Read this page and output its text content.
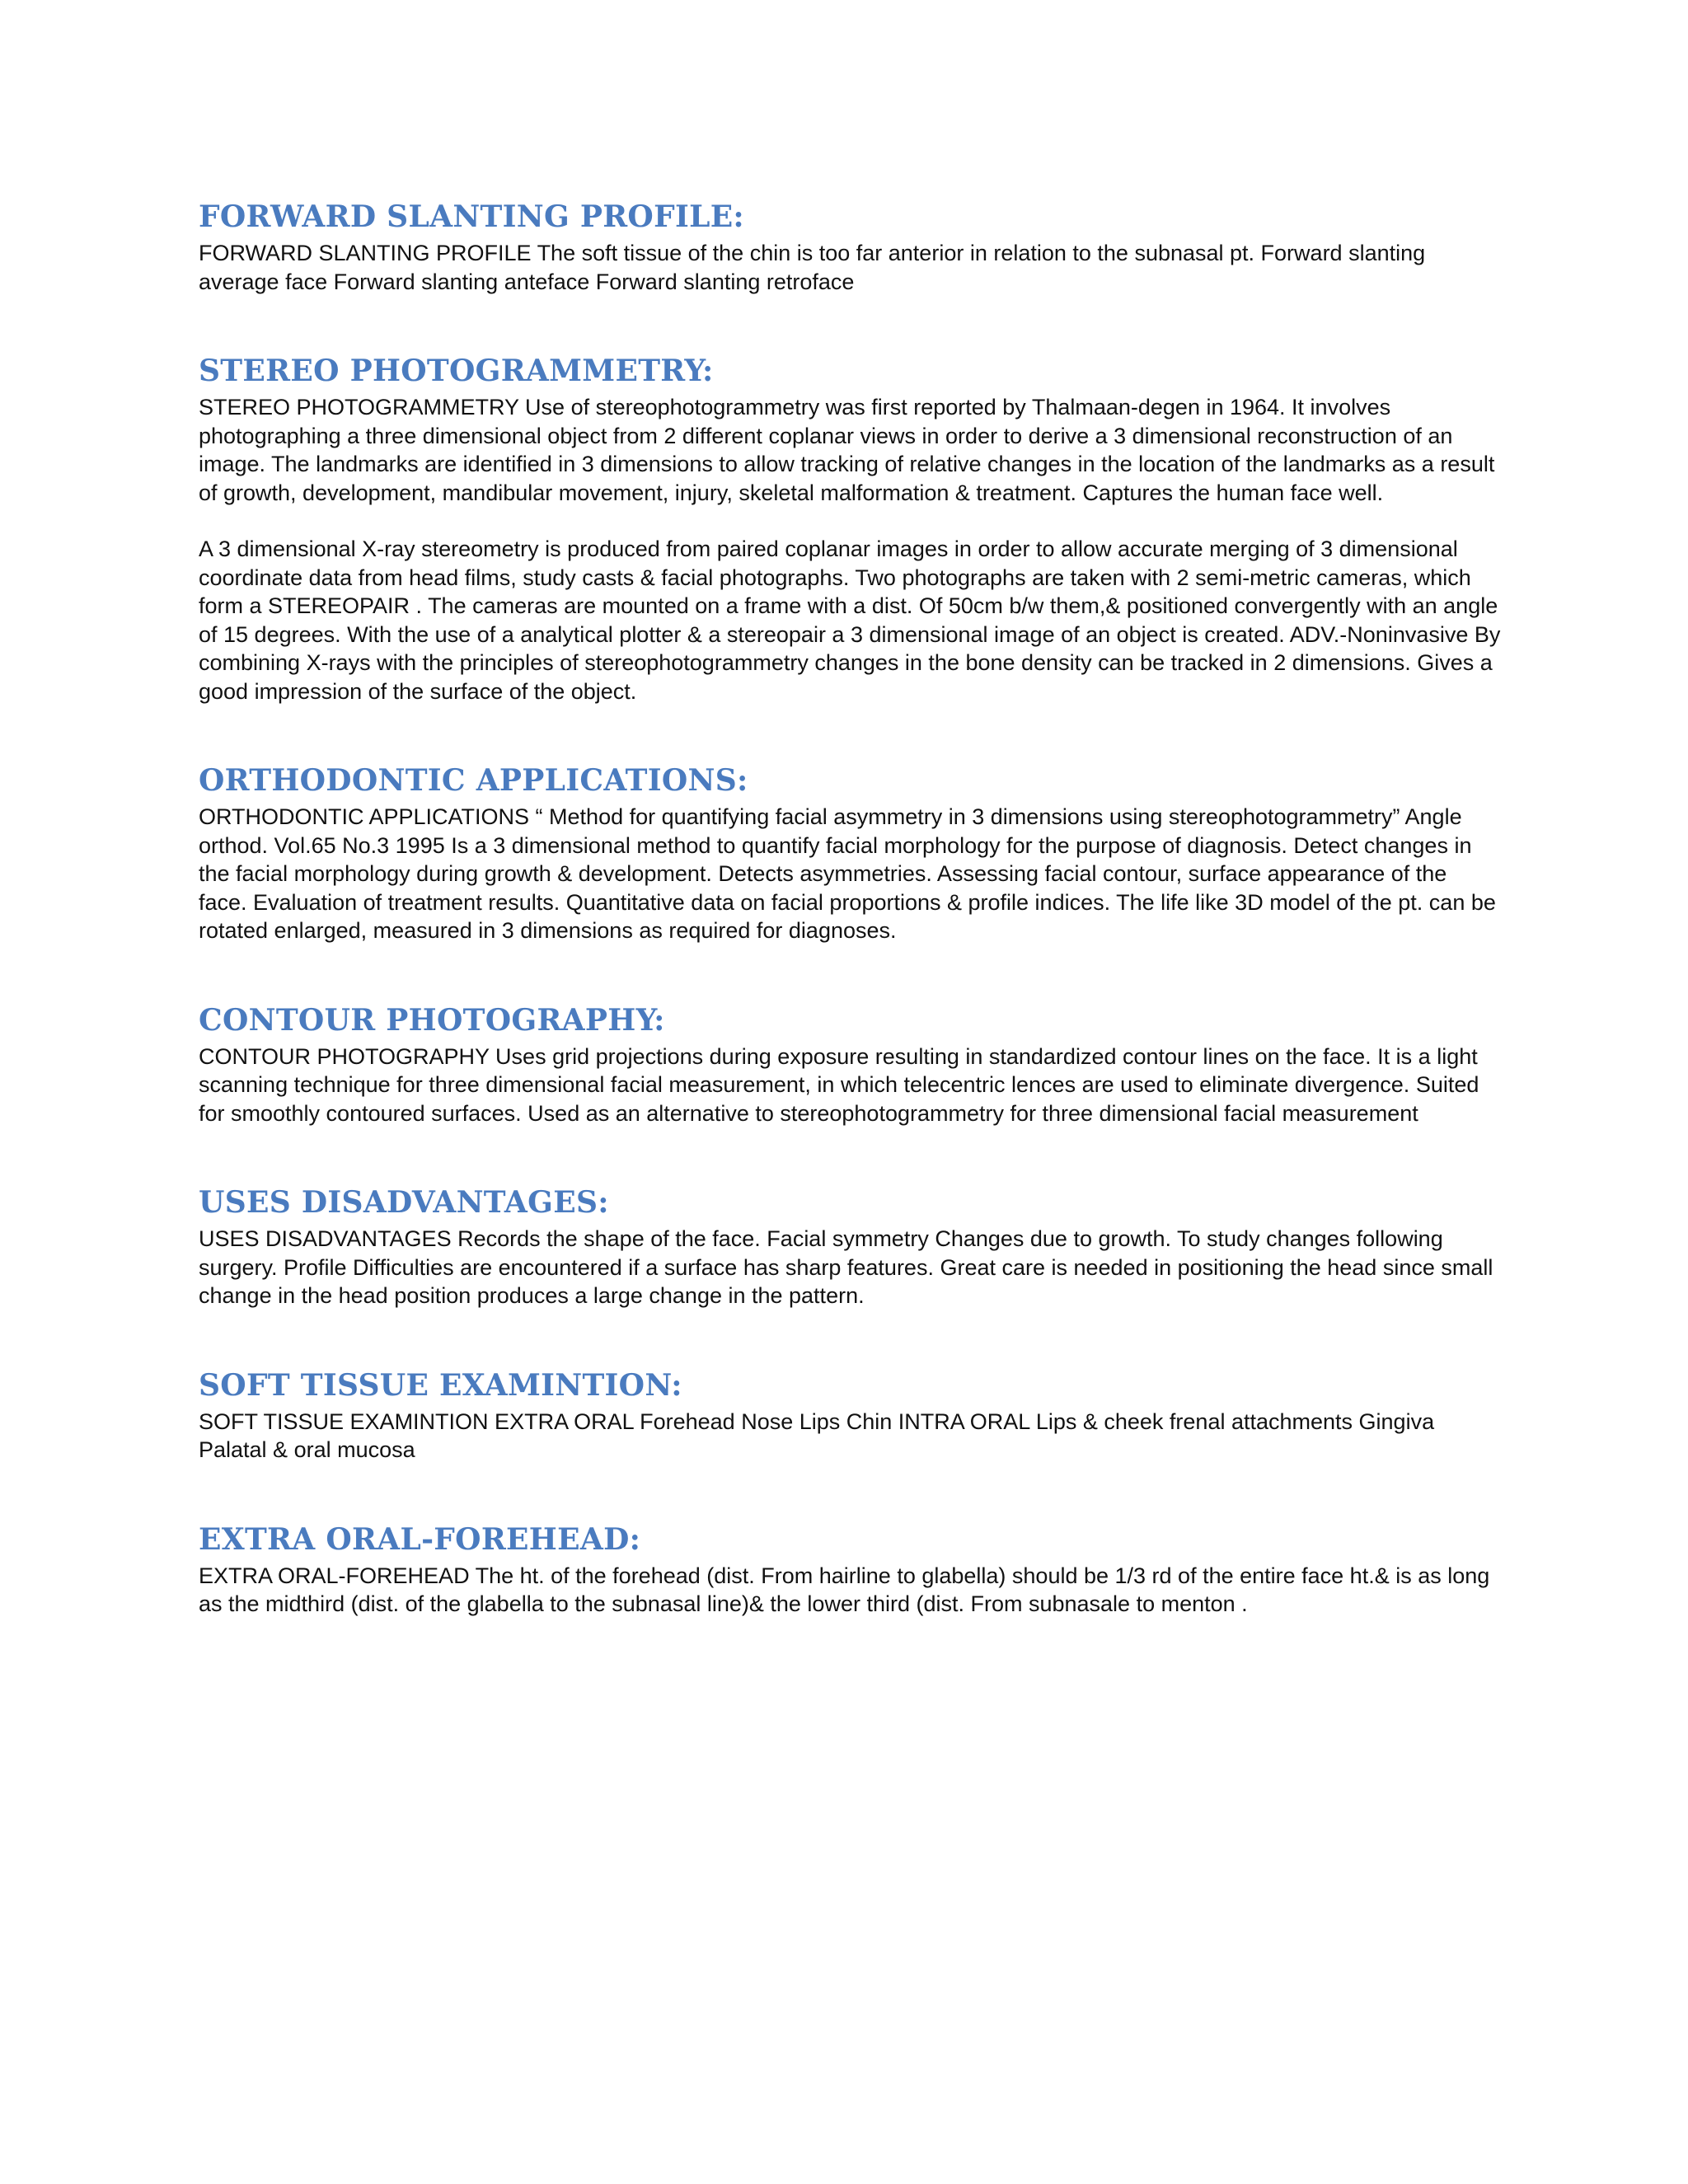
FORWARD SLANTING PROFILE:

FORWARD SLANTING PROFILE The soft tissue of the chin is too far anterior in relation to the subnasal pt. Forward slanting average face Forward slanting anteface Forward slanting retroface

STEREO PHOTOGRAMMETRY:

STEREO PHOTOGRAMMETRY Use of stereophotogrammetry was first reported by Thalmaan-degen in 1964. It involves photographing a three dimensional object from 2 different coplanar views in order to derive a 3 dimensional reconstruction of an image. The landmarks are identified in 3 dimensions to allow tracking of relative changes in the location of the landmarks as a result of growth, development, mandibular movement, injury, skeletal malformation & treatment. Captures the human face well.

A 3 dimensional X-ray stereometry is produced from paired coplanar images in order to allow accurate merging of 3 dimensional coordinate data from head films, study casts & facial photographs. Two photographs are taken with 2 semi-metric cameras, which form a STEREOPAIR . The cameras are mounted on a frame with a dist. Of 50cm b/w them,& positioned convergently with an angle of 15 degrees. With the use of a analytical plotter & a stereopair a 3 dimensional image of an object is created. ADV.-Noninvasive By combining X-rays with the principles of stereophotogrammetry changes in the bone density can be tracked in 2 dimensions. Gives a good impression of the surface of the object.

ORTHODONTIC APPLICATIONS:

ORTHODONTIC APPLICATIONS “ Method for quantifying facial asymmetry in 3 dimensions using stereophotogrammetry” Angle orthod. Vol.65 No.3 1995 Is a 3 dimensional method to quantify facial morphology for the purpose of diagnosis. Detect changes in the facial morphology during growth & development. Detects asymmetries. Assessing facial contour, surface appearance of the face. Evaluation of treatment results. Quantitative data on facial proportions & profile indices. The life like 3D model of the pt. can be rotated enlarged, measured in 3 dimensions as required for diagnoses.

CONTOUR PHOTOGRAPHY:

CONTOUR PHOTOGRAPHY Uses grid projections during exposure resulting in standardized contour lines on the face. It is a light scanning technique for three dimensional facial measurement, in which telecentric lences are used to eliminate divergence. Suited for smoothly contoured surfaces. Used as an alternative to stereophotogrammetry for three dimensional facial measurement

USES DISADVANTAGES:

USES DISADVANTAGES Records the shape of the face. Facial symmetry Changes due to growth. To study changes following surgery. Profile Difficulties are encountered if a surface has sharp features. Great care is needed in positioning the head since small change in the head position produces a large change in the pattern.

SOFT TISSUE EXAMINTION:

SOFT TISSUE EXAMINTION EXTRA ORAL Forehead Nose Lips Chin INTRA ORAL Lips & cheek frenal attachments Gingiva Palatal & oral mucosa

EXTRA ORAL-FOREHEAD:

EXTRA ORAL-FOREHEAD The ht. of the forehead (dist. From hairline to glabella) should be 1/3 rd of the entire face ht.& is as long as the midthird (dist. of the glabella to the subnasal line)& the lower third (dist. From subnasale to menton .
